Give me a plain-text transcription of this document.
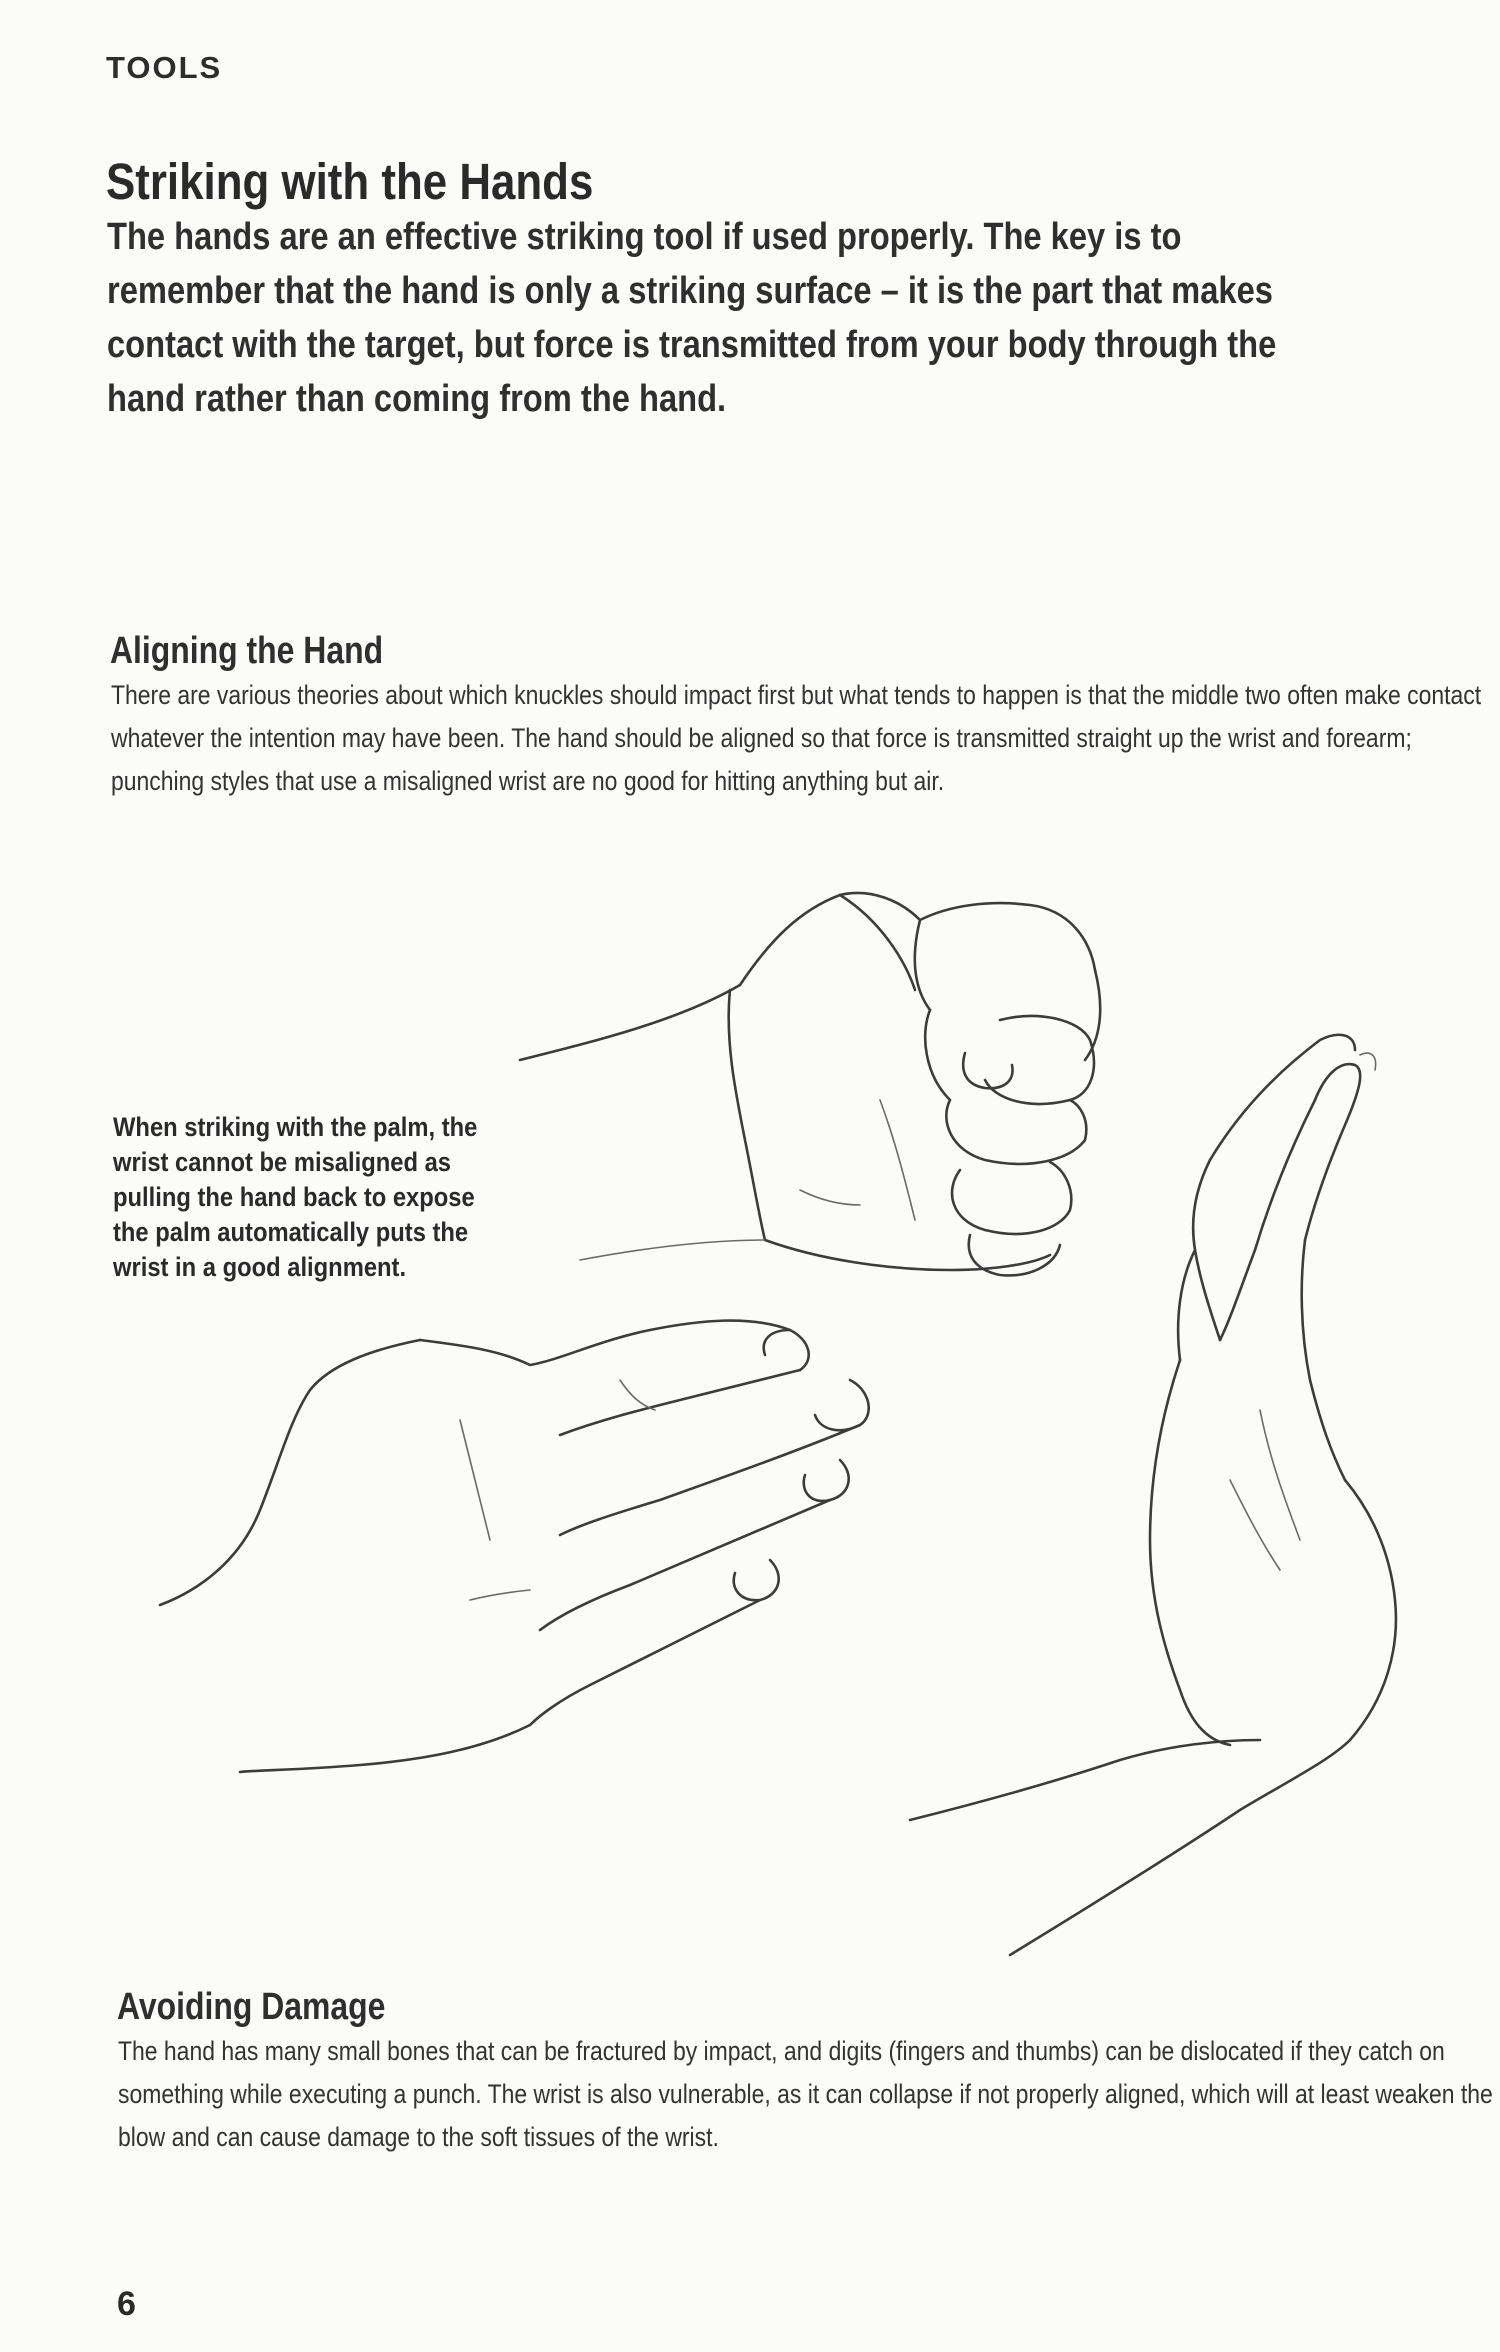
TOOLS
Striking with the Hands
The hands are an effective striking tool if used properly. The key is to remember that the hand is only a striking surface – it is the part that makes contact with the target, but force is transmitted from your body through the hand rather than coming from the hand.
Aligning the Hand
There are various theories about which knuckles should impact first but what tends to happen is that the middle two often make contact whatever the intention may have been. The hand should be aligned so that force is transmitted straight up the wrist and forearm; punching styles that use a misaligned wrist are no good for hitting anything but air.
When striking with the palm, the wrist cannot be misaligned as pulling the hand back to expose the palm automatically puts the wrist in a good alignment.
Avoiding Damage
The hand has many small bones that can be fractured by impact, and digits (fingers and thumbs) can be dislocated if they catch on something while executing a punch. The wrist is also vulnerable, as it can collapse if not properly aligned, which will at least weaken the blow and can cause damage to the soft tissues of the wrist.
6
